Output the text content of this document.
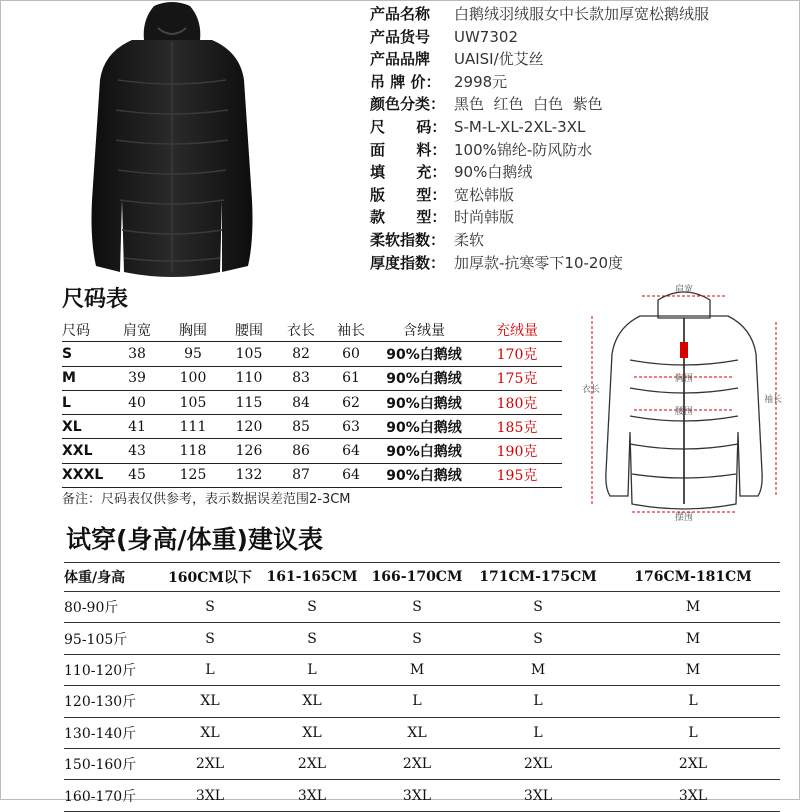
产品名称 白鹅绒羽绒服女中长款加厚宽松鹅绒服
产品货号 UW7302
产品品牌 UAISI/优艾丝
吊 牌 价： 2998元
颜色分类： 黑色  红色  白色  紫色
尺      码： S-M-L-XL-2XL-3XL
面      料： 100%锦纶-防风防水
填      充： 90%白鹅绒
版      型： 宽松韩版
款      型： 时尚韩版
柔软指数： 柔软
厚度指数： 加厚款-抗寒零下10-20度
尺码表
尺码	肩宽	胸围	腰围	衣长	袖长	含绒量	充绒量
S	38	95	105	82	60	90%白鹅绒	170克
M	39	100	110	83	61	90%白鹅绒	175克
L	40	105	115	84	62	90%白鹅绒	180克
XL	41	111	120	85	63	90%白鹅绒	185克
XXL	43	118	126	86	64	90%白鹅绒	190克
XXXL	45	125	132	87	64	90%白鹅绒	195克
备注：尺码表仅供参考，表示数据误差范围2-3CM
肩宽
胸围
腰围
衣长
袖长
摆围
试穿(身高/体重)建议表
体重/身高	160CM以下	161-165CM	166-170CM	171CM-175CM	176CM-181CM
80-90斤	S	S	S	S	M
95-105斤	S	S	S	S	M
110-120斤	L	L	M	M	M
120-130斤	XL	XL	L	L	L
130-140斤	XL	XL	XL	L	L
150-160斤	2XL	2XL	2XL	2XL	2XL
160-170斤	3XL	3XL	3XL	3XL	3XL
